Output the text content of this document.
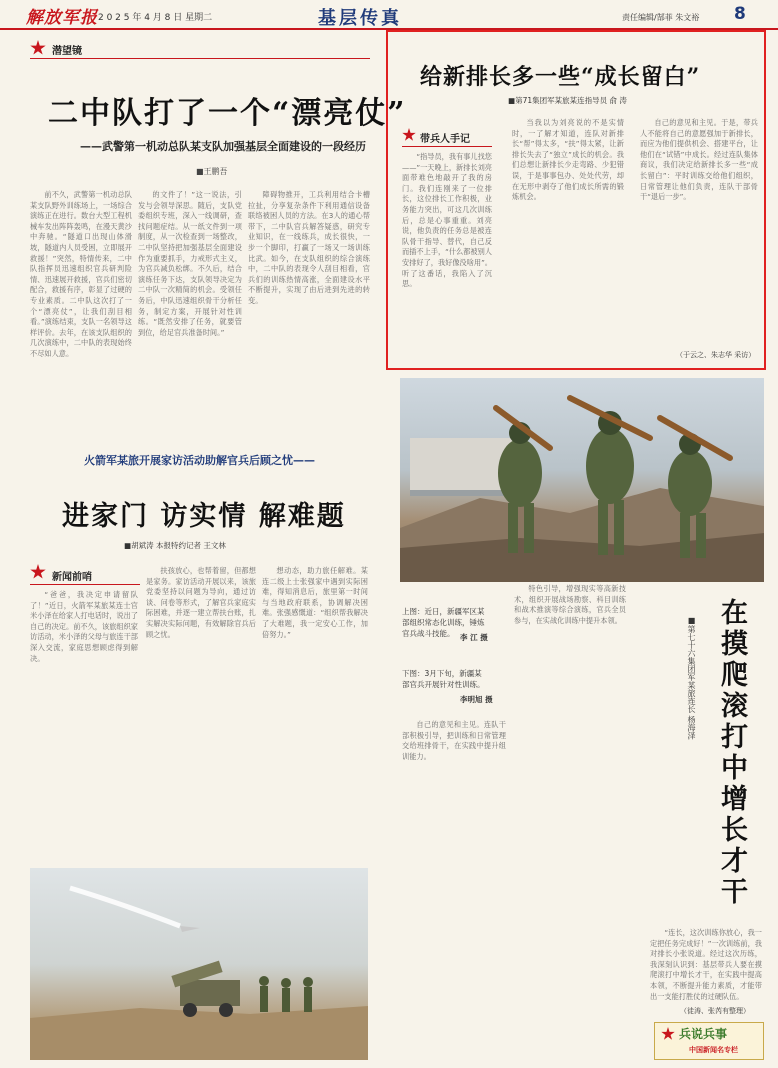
解放军报 2 0 2 5 年 4 月 8 日 星期二	基层传真	责任编辑/郜菲 朱文裕 8
潜望镜
二中队打了一个“漂亮仗”
——武警第一机动总队某支队加强基层全面建设的一段经历
■王鹏吾
前不久，武警第一机动总队某支队野外训练场上，一场综合演练正在进行。数台大型工程机械车发出阵阵轰鸣，在漫天黄沙中奔驰。“隧道口出现山体滑坡，隧道内人员受困，立即展开救援！”突然，特情传来，二中队指挥员迅速组织官兵研判险情、迅速展开救援，官兵们密切配合，救援有序，彰显了过硬的专业素质。二中队这次打了一个“漂亮仗”，让我们刮目相看。”演练结束，支队一名领导这样评价。去年，在该支队组织的几次演练中，二中队的表现始终不尽如人意。
的文件了！”这一说法，引发与会领导深思。随后，支队党委组织专班，深入一线调研，查找问题症结。从一纸文件到一项制度，从一次检查到一场整改，二中队坚持把加强基层全面建设作为重要抓手，力戒形式主义，为官兵减负松绑。不久后，结合演练任务下达，支队领导决定为二中队一次精简的机会。受领任务后，中队迅速组织骨干分析任务，制定方案，开展针对性训练。“既然安排了任务，就要管到位，给足官兵准备时间。”
障碍物推开，工兵利用结合卡槽拉扯，分享复杂条件下利用通信设备联络被困人员的方法。在3人的通心帮带下，二中队官兵解答疑惑，研究专业知识，在一线练兵，成长很快，一步一个脚印，打赢了一场又一场训练比武。如今，在支队组织的综合演练中，二中队的表现令人刮目相看，官兵们的训练热情高涨，全面建设水平不断提升，实现了由后进到先进的转变。
给新排长多一些“成长留白”
■第71集团军某旅某连指导员 俞 涛
带兵人手记
“指导员，我有事儿找您——”一天晚上，新排长刘亮面带难色地敲开了我的房门。我们连刚来了一位排长，这位排长工作积极，业务能力突出，可这几次训练后，总是心事重重。刘亮说，他负责的任务总是被连队骨干指导、替代，自己反而插不上手，“什么都被别人安排好了，我好像没啥用”。听了这番话，我陷入了沉思。
当我以为刘亮说的不是实情时，一了解才知道，连队对新排长“帮”得太多，“扶”得太紧，让新排长失去了“独立”成长的机会。我们总想让新排长少走弯路、少犯错误，于是事事包办、处处代劳，却在无形中剥夺了他们成长所需的锻炼机会。
自己的意见和主见。于是，带兵人不能将自己的意愿强加于新排长，而应为他们提供机会、搭建平台，让他们在“试错”中成长。经过连队集体商议，我们决定给新排长多一些“成长留白”：平时训练交给他们组织，日常管理让他们负责，连队干部骨干“退后一步”。
（于云之、朱志华 采访）
火箭军某旅开展家访活动助解官兵后顾之忧——
进家门 访实情 解难题
■胡斌涛 本报特约记者 王文林
新闻前哨
“爸爸，我决定申请留队了！”近日，火箭军某旅某连士官米小泽在给家人打电话时，说出了自己的决定。前不久，该旅组织家访活动，米小泽的父母与旅连干部深入交流，家庭思想顾虑得到解决。
扶孩放心，也帮着留，但都想是家务。家访活动开展以来，该旅党委坚持以问题为导向，通过访谈、问卷等形式，了解官兵家庭实际困难，并逐一建立帮扶台账，扎实解决实际问题，有效解除官兵后顾之忧。
想动态，助力旅任解难。某连二级上士张强家中遇到实际困难，得知消息后，旅里第一时间与当地政府联系，协调解决困难。张强感慨道：“组织帮我解决了大难题，我一定安心工作，加倍努力。”
上图：近日，新疆军区某部组织常态化训练，锤炼官兵战斗技能。 李 江 摄
下图：3月下旬，新疆某部官兵开展针对性训练。
李明旭 摄
特色引导，增强现实等高新技术，组织开展战场勘察、科目训练和战术推演等综合演练，官兵全员参与，在实战化训练中提升本领。
自己的意见和主见。连队干部积极引导，把训练和日常管理交给班排骨干，在实践中提升组训能力。	在摸爬滚打中增长才干
■第七十六集团军某旅连长 杨海泽
“连长，这次训练你放心，我一定把任务完成好！”一次训练前，我对排长小张说道。经过这次历练，我深刻认识到：基层带兵人要在摸爬滚打中增长才干，在实践中提高本领，不断提升能力素质，才能带出一支能打胜仗的过硬队伍。
（徒涛、张芮有整理）
兵说兵事
中国新闻名专栏
